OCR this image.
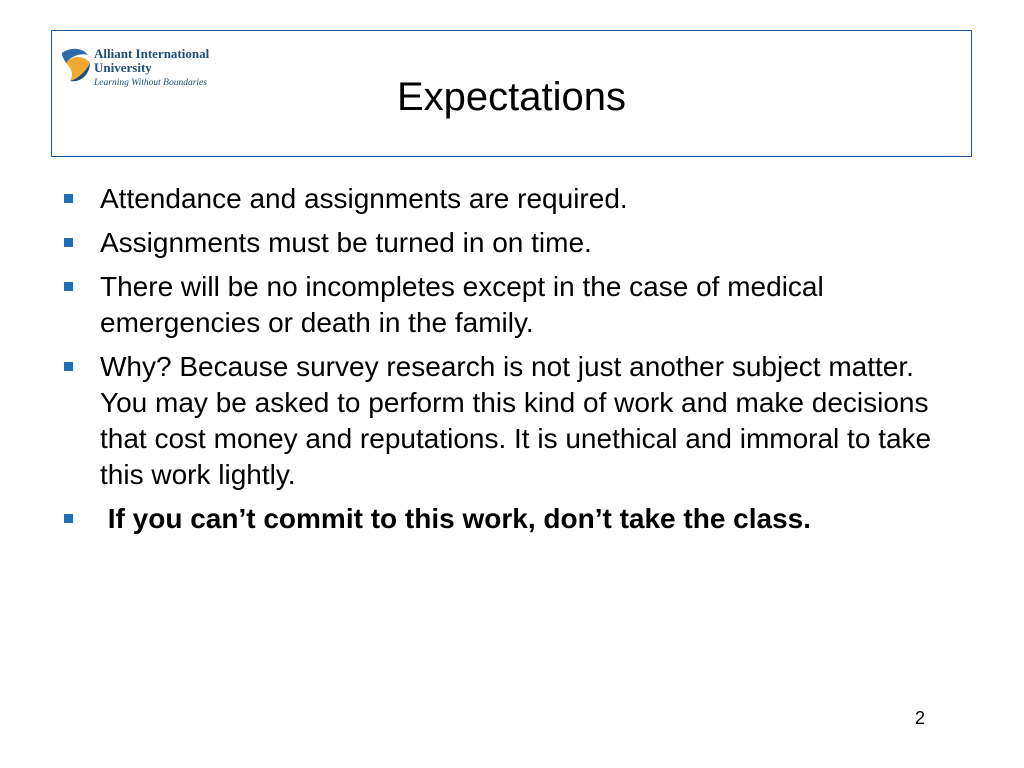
Alliant International
University
Learning Without Boundaries	Expectations
Attendance and assignments are required.
Assignments must be turned in on time.
There will be no incompletes except in the case of medical emergencies or death in the family.
Why? Because survey research is not just another subject matter. You may be asked to perform this kind of work and make decisions that cost money and reputations. It is unethical and immoral to take this work lightly.
If you can’t commit to this work, don’t take the class.
2
